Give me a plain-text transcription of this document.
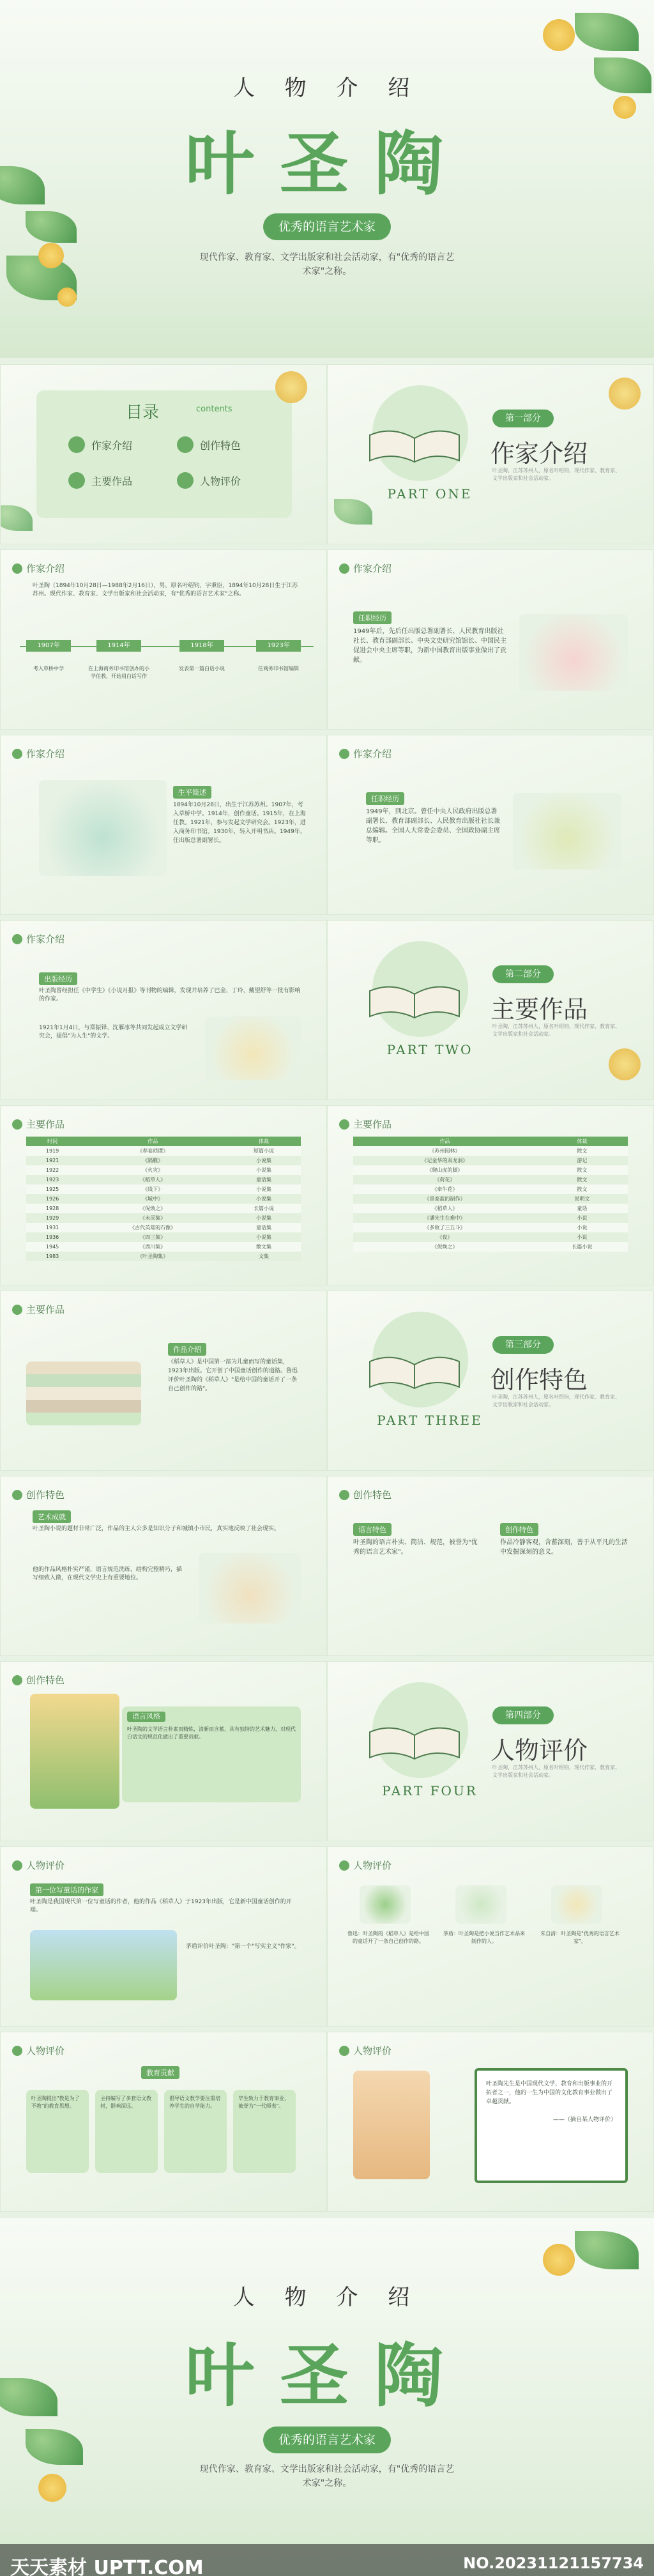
人 物 介 绍
叶圣陶
优秀的语言艺术家
现代作家、教育家、文学出版家和社会活动家，有"优秀的语言艺术家"之称。
目录	contents
作家介绍	创作特色
主要作品	人物评价
PART ONE
第一部分
作家介绍
叶圣陶，江苏苏州人，原名叶绍钧，现代作家、教育家、文学出版家和社会活动家。
作家介绍
叶圣陶（1894年10月28日—1988年2月16日），男，原名叶绍钧，字秉臣，1894年10月28日生于江苏苏州。现代作家、教育家、文学出版家和社会活动家，有"优秀的语言艺术家"之称。
1907年	1914年	1918年	1923年
考入草桥中学	在上海商务印书馆创办的小学任教，开始用白话写作
发表第一篇白话小说	任商务印书馆编辑
作家介绍
任职经历
1949年后，先后任出版总署副署长、人民教育出版社社长、教育部副部长、中央文史研究馆馆长、中国民主促进会中央主席等职，为新中国教育出版事业做出了贡献。
作家介绍
生平简述
1894年10月28日，出生于江苏苏州。1907年，考入草桥中学。1914年，创作童话。1915年，在上海任教。1921年，参与发起文学研究会。1923年，进入商务印书馆。1930年，转入开明书店。1949年，任出版总署副署长。
作家介绍
任职经历
1949年，到北京。曾任中央人民政府出版总署副署长、教育部副部长、人民教育出版社社长兼总编辑。全国人大常委会委员、全国政协副主席等职。
作家介绍
出版经历
叶圣陶曾经担任《中学生》《小说月报》等刊物的编辑，发现并培养了巴金、丁玲、戴望舒等一批有影响的作家。
1921年1月4日，与郑振铎、沈雁冰等共同发起成立文学研究会，提倡"为人生"的文学。
PART TWO
第二部分
主要作品
叶圣陶，江苏苏州人，原名叶绍钧，现代作家、教育家、文学出版家和社会活动家。
主要作品
时间	作品	体裁
1919	《春宴琐谭》	短篇小说
1921	《隔膜》	小说集
1922	《火灾》	小说集
1923	《稻草人》	童话集
1925	《线下》	小说集
1926	《城中》	小说集
1928	《倪焕之》	长篇小说
1929	《未厌集》	小说集
1931	《古代英雄的石像》	童话集
1936	《四三集》	小说集
1945	《西川集》	散文集
1983	《叶圣陶集》	文集
主要作品
作品	体裁
《苏州园林》	散文
《记金华的双龙洞》	游记
《爬山虎的脚》	散文
《荷花》	散文
《牵牛花》	散文
《景泰蓝的制作》	说明文
《稻草人》	童话
《潘先生在难中》	小说
《多收了三五斗》	小说
《夜》	小说
《倪焕之》	长篇小说
主要作品
作品介绍
《稻草人》是中国第一部为儿童而写的童话集，1923年出版。它开创了中国童话创作的道路。鲁迅评价叶圣陶的《稻草人》"是给中国的童话开了一条自己创作的路"。
PART THREE
第三部分
创作特色
叶圣陶，江苏苏州人，原名叶绍钧，现代作家、教育家、文学出版家和社会活动家。
创作特色
艺术成就
叶圣陶小说的题材非常广泛，作品的主人公多是知识分子和城镇小市民，真实地反映了社会现实。
他的作品风格朴实严谨，语言规范洗练，结构完整精巧，描写细致入微，在现代文学史上有重要地位。
创作特色
语言特色
叶圣陶的语言朴实、简洁、规范，被誉为"优秀的语言艺术家"。
创作特色
作品冷静客观，含蓄深刻，善于从平凡的生活中发掘深刻的意义。
创作特色
语言风格
叶圣陶的文学语言朴素而精炼，清新而含蓄，具有独特的艺术魅力，对现代白话文的规范化做出了重要贡献。
PART FOUR
第四部分
人物评价
叶圣陶，江苏苏州人，原名叶绍钧，现代作家、教育家、文学出版家和社会活动家。
人物评价
第一位写童话的作家
叶圣陶是我国现代第一位写童话的作者，他的作品《稻草人》于1923年出版，它是新中国童话创作的开端。
茅盾评价叶圣陶："第一个"写实主义"作家"。
人物评价
鲁迅：叶圣陶的《稻草人》是给中国的童话开了一条自己创作的路。
茅盾：叶圣陶是把小说当作艺术品来制作的人。
朱自清：叶圣陶是"优秀的语言艺术家"。
人物评价
教育贡献
叶圣陶提出"教是为了不教"的教育思想。
主持编写了多套语文教材，影响深远。
倡导语文教学要注重培养学生的自学能力。
毕生致力于教育事业，被誉为"一代师表"。
人物评价
叶圣陶先生是中国现代文学、教育和出版事业的开拓者之一，他的一生为中国的文化教育事业做出了卓越贡献。
——（摘自某人物评价）
人 物 介 绍
叶圣陶
优秀的语言艺术家
现代作家、教育家、文学出版家和社会活动家，有"优秀的语言艺术家"之称。
天天素材 UPTT.COM	NO.20231121157734
